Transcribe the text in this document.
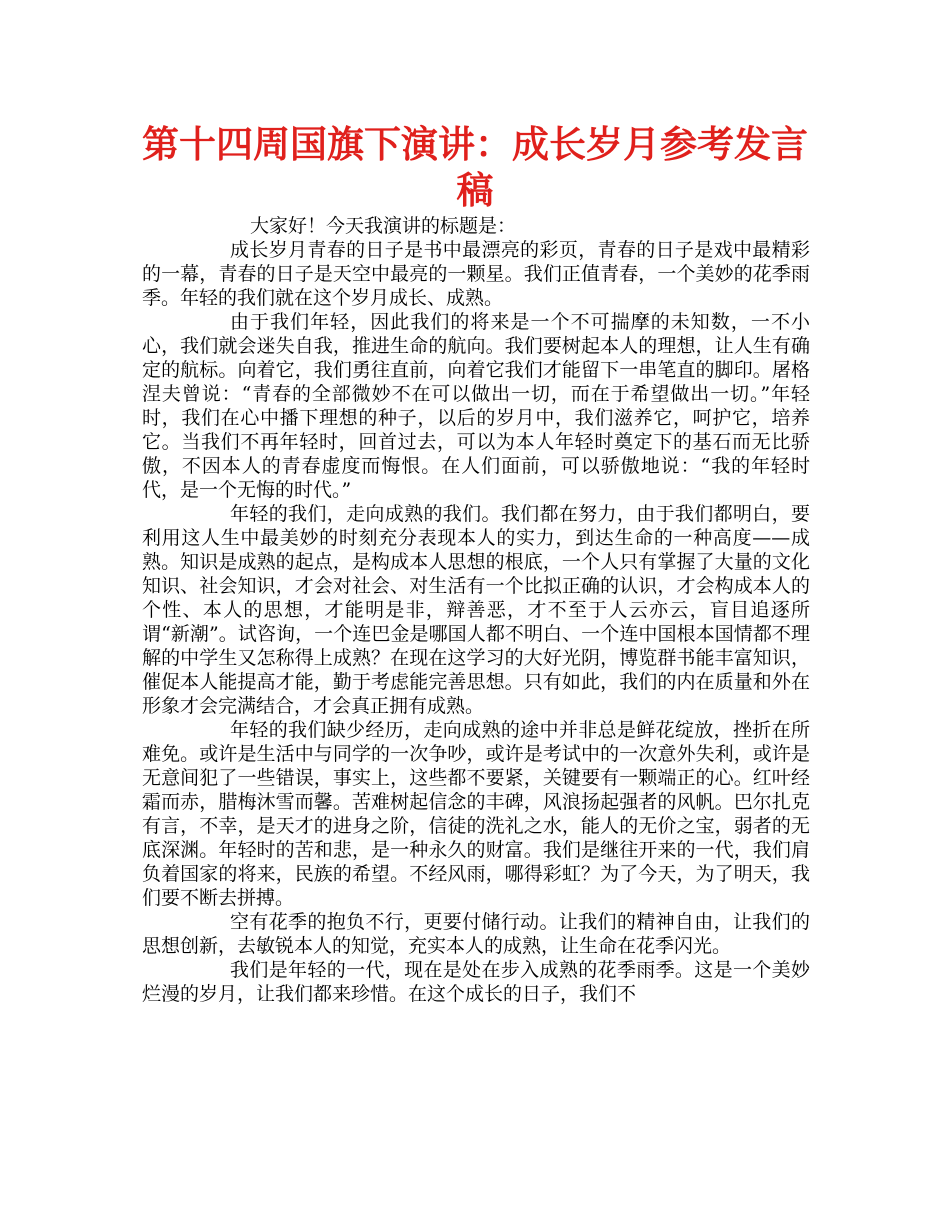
第十四周国旗下演讲：成长岁月参考发言稿

大家好！今天我演讲的标题是：

成长岁月青春的日子是书中最漂亮的彩页，青春的日子是戏中最精彩的一幕，青春的日子是天空中最亮的一颗星。我们正值青春，一个美妙的花季雨季。年轻的我们就在这个岁月成长、成熟。

由于我们年轻，因此我们的将来是一个不可揣摩的未知数，一不小心，我们就会迷失自我，推进生命的航向。我们要树起本人的理想，让人生有确定的航标。向着它，我们勇往直前，向着它我们才能留下一串笔直的脚印。屠格涅夫曾说：“青春的全部微妙不在可以做出一切，而在于希望做出一切。”年轻时，我们在心中播下理想的种子，以后的岁月中，我们滋养它，呵护它，培养它。当我们不再年轻时，回首过去，可以为本人年轻时奠定下的基石而无比骄傲，不因本人的青春虚度而悔恨。在人们面前，可以骄傲地说：“我的年轻时代，是一个无悔的时代。”

年轻的我们，走向成熟的我们。我们都在努力，由于我们都明白，要利用这人生中最美妙的时刻充分表现本人的实力，到达生命的一种高度——成熟。知识是成熟的起点，是构成本人思想的根底，一个人只有掌握了大量的文化知识、社会知识，才会对社会、对生活有一个比拟正确的认识，才会构成本人的个性、本人的思想，才能明是非，辩善恶，才不至于人云亦云，盲目追逐所谓“新潮”。试咨询，一个连巴金是哪国人都不明白、一个连中国根本国情都不理解的中学生又怎称得上成熟？在现在这学习的大好光阴，博览群书能丰富知识，催促本人能提高才能，勤于考虑能完善思想。只有如此，我们的内在质量和外在形象才会完满结合，才会真正拥有成熟。

年轻的我们缺少经历，走向成熟的途中并非总是鲜花绽放，挫折在所难免。或许是生活中与同学的一次争吵，或许是考试中的一次意外失利，或许是无意间犯了一些错误，事实上，这些都不要紧，关键要有一颗端正的心。红叶经霜而赤，腊梅沐雪而馨。苦难树起信念的丰碑，风浪扬起强者的风帆。巴尔扎克有言，不幸，是天才的进身之阶，信徒的洗礼之水，能人的无价之宝，弱者的无底深渊。年轻时的苦和悲，是一种永久的财富。我们是继往开来的一代，我们肩负着国家的将来，民族的希望。不经风雨，哪得彩虹？为了今天，为了明天，我们要不断去拼搏。

空有花季的抱负不行，更要付储行动。让我们的精神自由，让我们的思想创新，去敏锐本人的知觉，充实本人的成熟，让生命在花季闪光。

我们是年轻的一代，现在是处在步入成熟的花季雨季。这是一个美妙烂漫的岁月，让我们都来珍惜。在这个成长的日子，我们不
